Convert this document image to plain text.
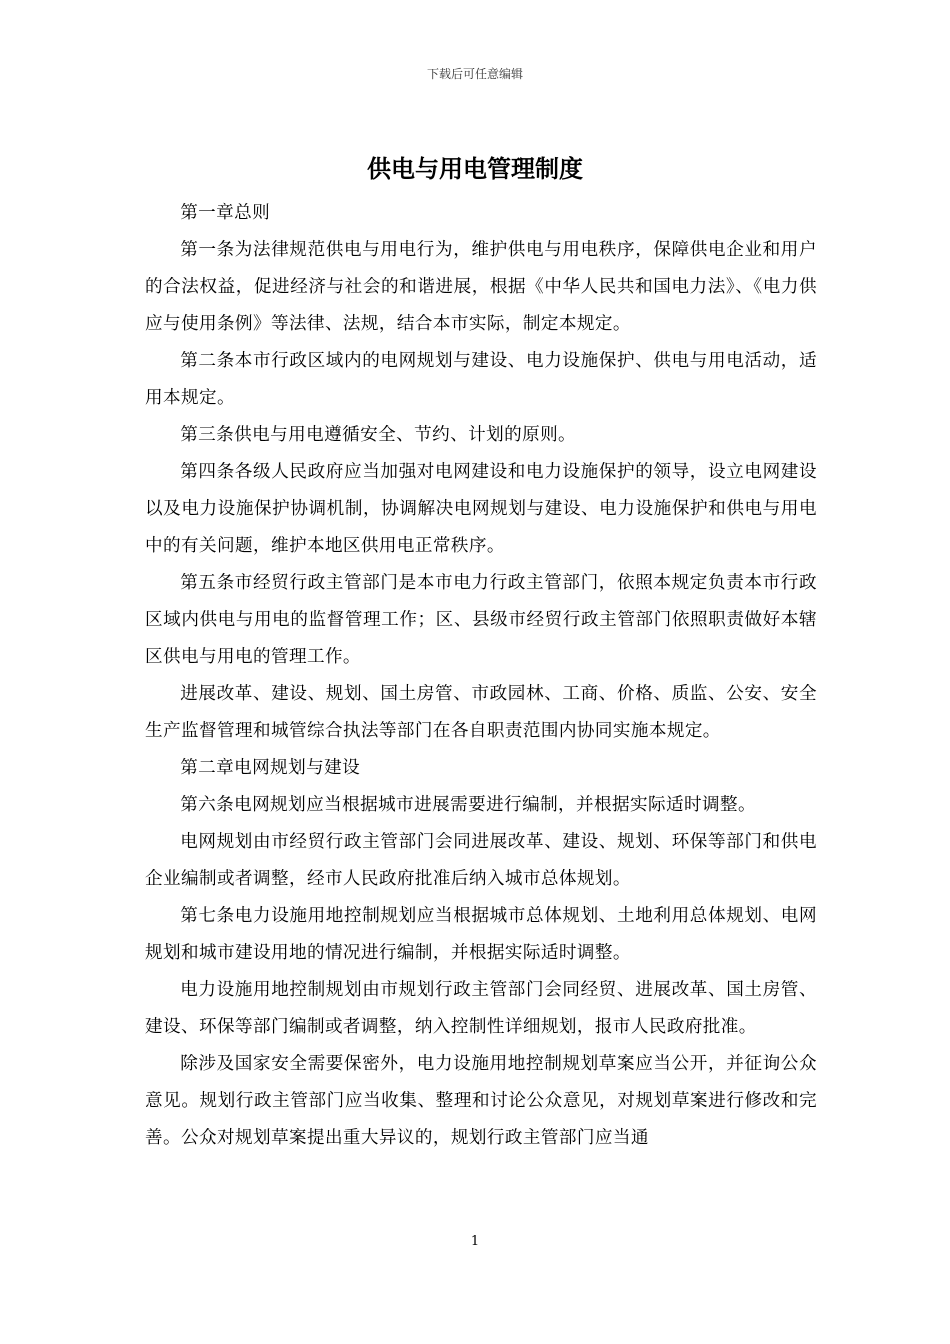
下载后可任意编辑
供电与用电管理制度

第一章总则

第一条为法律规范供电与用电行为，维护供电与用电秩序，保障供电企业和用户的合法权益，促进经济与社会的和谐进展，根据《中华人民共和国电力法》、《电力供应与使用条例》等法律、法规，结合本市实际，制定本规定。

第二条本市行政区域内的电网规划与建设、电力设施保护、供电与用电活动，适用本规定。

第三条供电与用电遵循安全、节约、计划的原则。

第四条各级人民政府应当加强对电网建设和电力设施保护的领导，设立电网建设以及电力设施保护协调机制，协调解决电网规划与建设、电力设施保护和供电与用电中的有关问题，维护本地区供用电正常秩序。

第五条市经贸行政主管部门是本市电力行政主管部门，依照本规定负责本市行政区域内供电与用电的监督管理工作；区、县级市经贸行政主管部门依照职责做好本辖区供电与用电的管理工作。

进展改革、建设、规划、国土房管、市政园林、工商、价格、质监、公安、安全生产监督管理和城管综合执法等部门在各自职责范围内协同实施本规定。

第二章电网规划与建设

第六条电网规划应当根据城市进展需要进行编制，并根据实际适时调整。

电网规划由市经贸行政主管部门会同进展改革、建设、规划、环保等部门和供电企业编制或者调整，经市人民政府批准后纳入城市总体规划。

第七条电力设施用地控制规划应当根据城市总体规划、土地利用总体规划、电网规划和城市建设用地的情况进行编制，并根据实际适时调整。

电力设施用地控制规划由市规划行政主管部门会同经贸、进展改革、国土房管、建设、环保等部门编制或者调整，纳入控制性详细规划，报市人民政府批准。

除涉及国家安全需要保密外，电力设施用地控制规划草案应当公开，并征询公众意见。规划行政主管部门应当收集、整理和讨论公众意见，对规划草案进行修改和完善。公众对规划草案提出重大异议的，规划行政主管部门应当通

1
